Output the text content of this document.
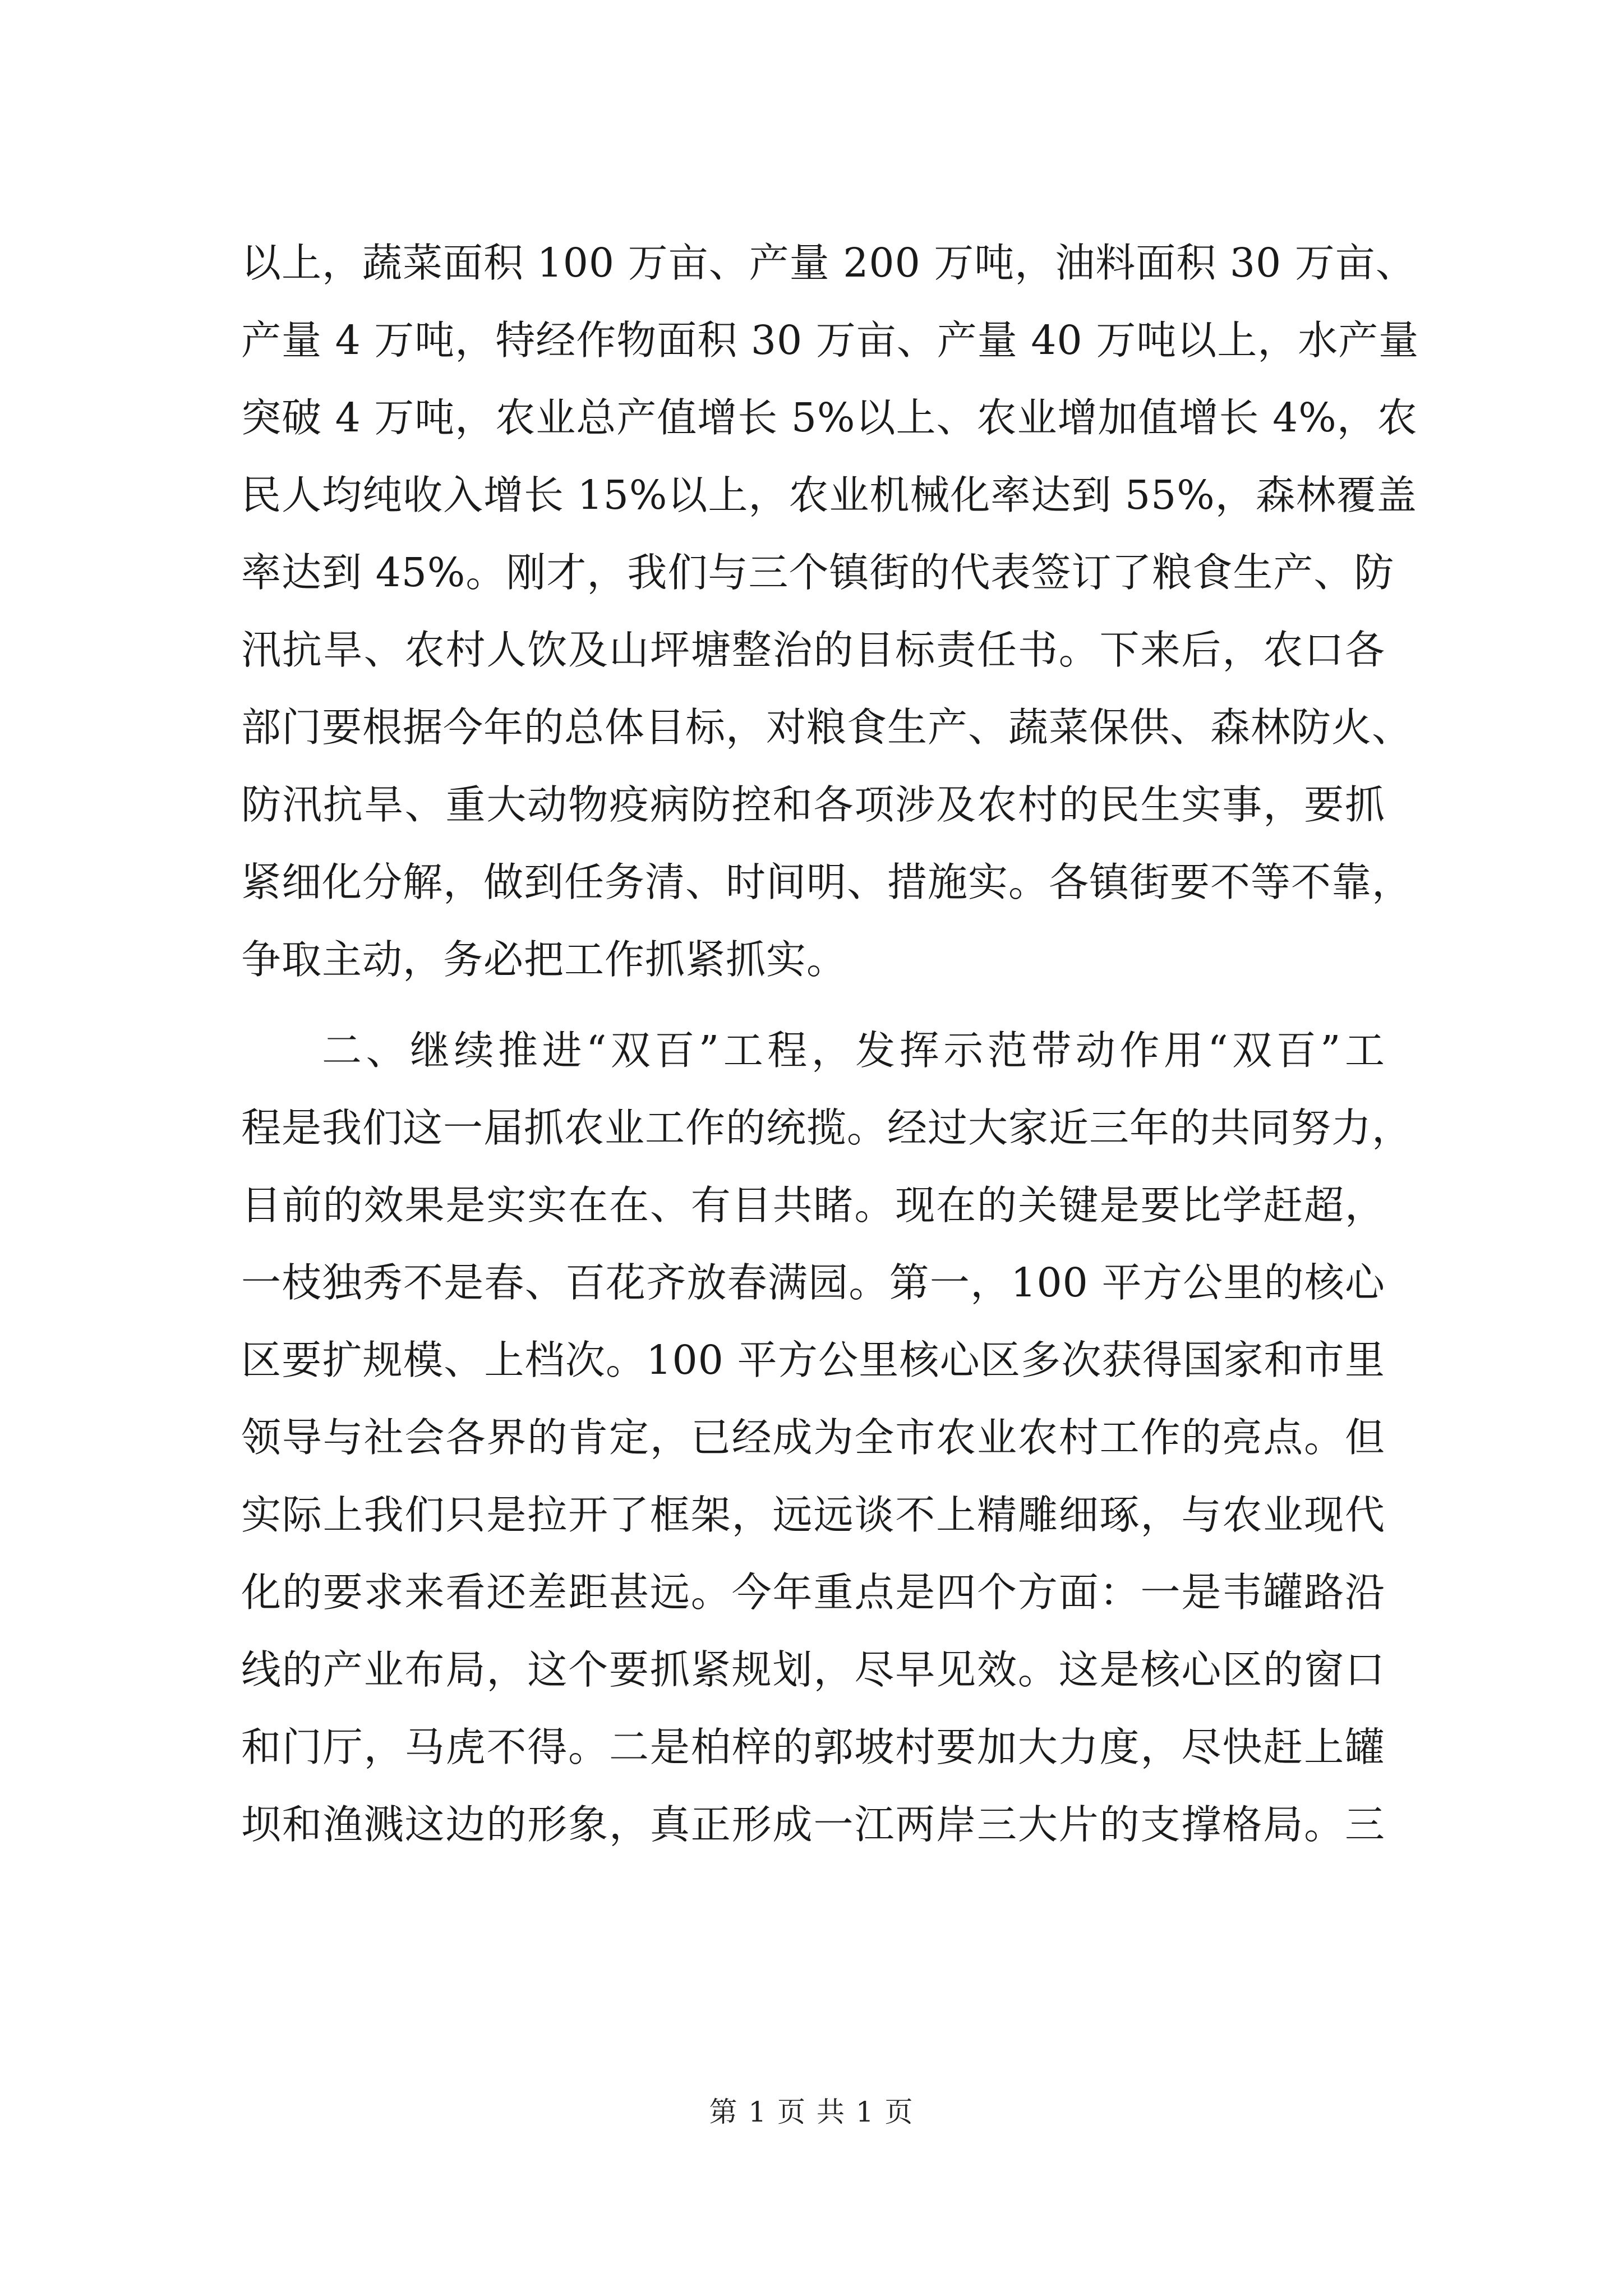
以上，蔬菜面积 100 万亩、产量 200 万吨，油料面积 30 万亩、
产量 4 万吨，特经作物面积 30 万亩、产量 40 万吨以上，水产量
突破 4 万吨，农业总产值增长 5%以上、农业增加值增长 4%，农
民人均纯收入增长 15%以上，农业机械化率达到 55%，森林覆盖
率达到 45%。刚才，我们与三个镇街的代表签订了粮食生产、防
汛抗旱、农村人饮及山坪塘整治的目标责任书。下来后，农口各
部门要根据今年的总体目标，对粮食生产、蔬菜保供、森林防火、
防汛抗旱、重大动物疫病防控和各项涉及农村的民生实事，要抓
紧细化分解，做到任务清、时间明、措施实。各镇街要不等不靠，
争取主动，务必把工作抓紧抓实。
二、继续推进“双百”工程，发挥示范带动作用“双百”工
程是我们这一届抓农业工作的统揽。经过大家近三年的共同努力，
目前的效果是实实在在、有目共睹。现在的关键是要比学赶超，
一枝独秀不是春、百花齐放春满园。第一，100 平方公里的核心
区要扩规模、上档次。100 平方公里核心区多次获得国家和市里
领导与社会各界的肯定，已经成为全市农业农村工作的亮点。但
实际上我们只是拉开了框架，远远谈不上精雕细琢，与农业现代
化的要求来看还差距甚远。今年重点是四个方面：一是韦罐路沿
线的产业布局，这个要抓紧规划，尽早见效。这是核心区的窗口
和门厅，马虎不得。二是柏梓的郭坡村要加大力度，尽快赶上罐
坝和渔溅这边的形象，真正形成一江两岸三大片的支撑格局。三
第 1 页 共 1 页
